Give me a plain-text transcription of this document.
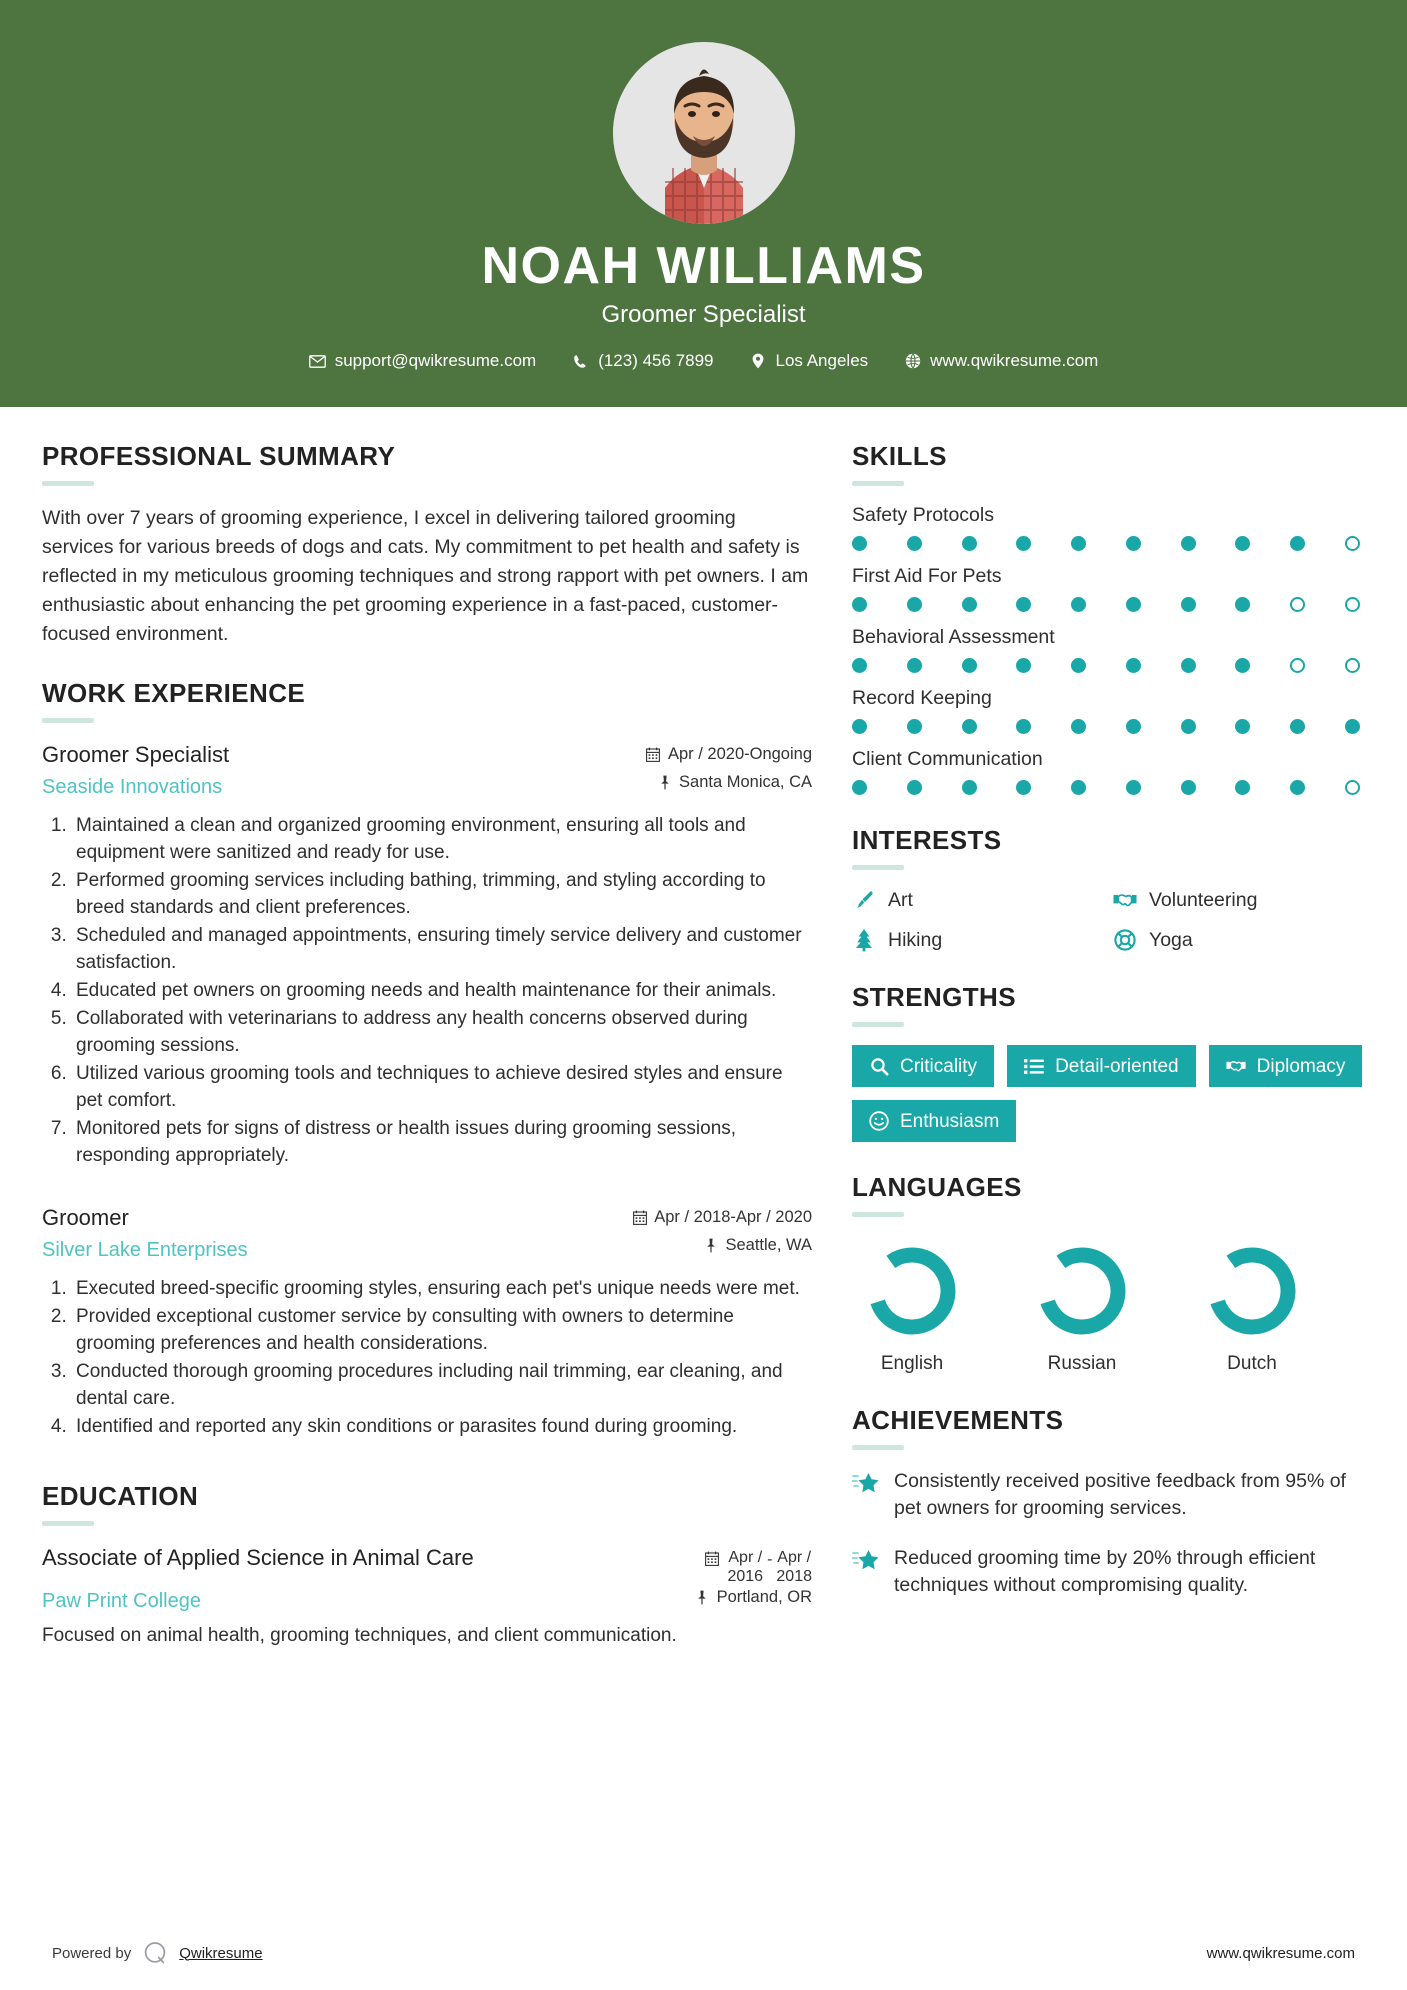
NOAH WILLIAMS
Groomer Specialist
support@qwikresume.com	(123) 456 7899	Los Angeles	www.qwikresume.com
PROFESSIONAL SUMMARY
With over 7 years of grooming experience, I excel in delivering tailored grooming services for various breeds of dogs and cats. My commitment to pet health and safety is reflected in my meticulous grooming techniques and strong rapport with pet owners. I am enthusiastic about enhancing the pet grooming experience in a fast-paced, customer-focused environment.
WORK EXPERIENCE
Groomer Specialist
Seaside Innovations
Apr / 2020-Ongoing
Santa Monica, CA
1. Maintained a clean and organized grooming environment, ensuring all tools and equipment were sanitized and ready for use.
2. Performed grooming services including bathing, trimming, and styling according to breed standards and client preferences.
3. Scheduled and managed appointments, ensuring timely service delivery and customer satisfaction.
4. Educated pet owners on grooming needs and health maintenance for their animals.
5. Collaborated with veterinarians to address any health concerns observed during grooming sessions.
6. Utilized various grooming tools and techniques to achieve desired styles and ensure pet comfort.
7. Monitored pets for signs of distress or health issues during grooming sessions, responding appropriately.
Groomer
Silver Lake Enterprises
Apr / 2018-Apr / 2020
Seattle, WA
1. Executed breed-specific grooming styles, ensuring each pet's unique needs were met.
2. Provided exceptional customer service by consulting with owners to determine grooming preferences and health considerations.
3. Conducted thorough grooming procedures including nail trimming, ear cleaning, and dental care.
4. Identified and reported any skin conditions or parasites found during grooming.
EDUCATION
Associate of Applied Science in Animal Care	Apr /
2016
- Apr /
2018
Paw Print College	Portland, OR
Focused on animal health, grooming techniques, and client communication.
SKILLS
Safety Protocols
First Aid For Pets
Behavioral Assessment
Record Keeping
Client Communication
INTERESTS
Art	Volunteering
Hiking	Yoga
STRENGTHS
Criticality	Detail-oriented	Diplomacy
Enthusiasm
LANGUAGES
English	Russian	Dutch
ACHIEVEMENTS
Consistently received positive feedback from 95% of pet owners for grooming services.
Reduced grooming time by 20% through efficient techniques without compromising quality.
Powered by	Qwikresume	www.qwikresume.com
